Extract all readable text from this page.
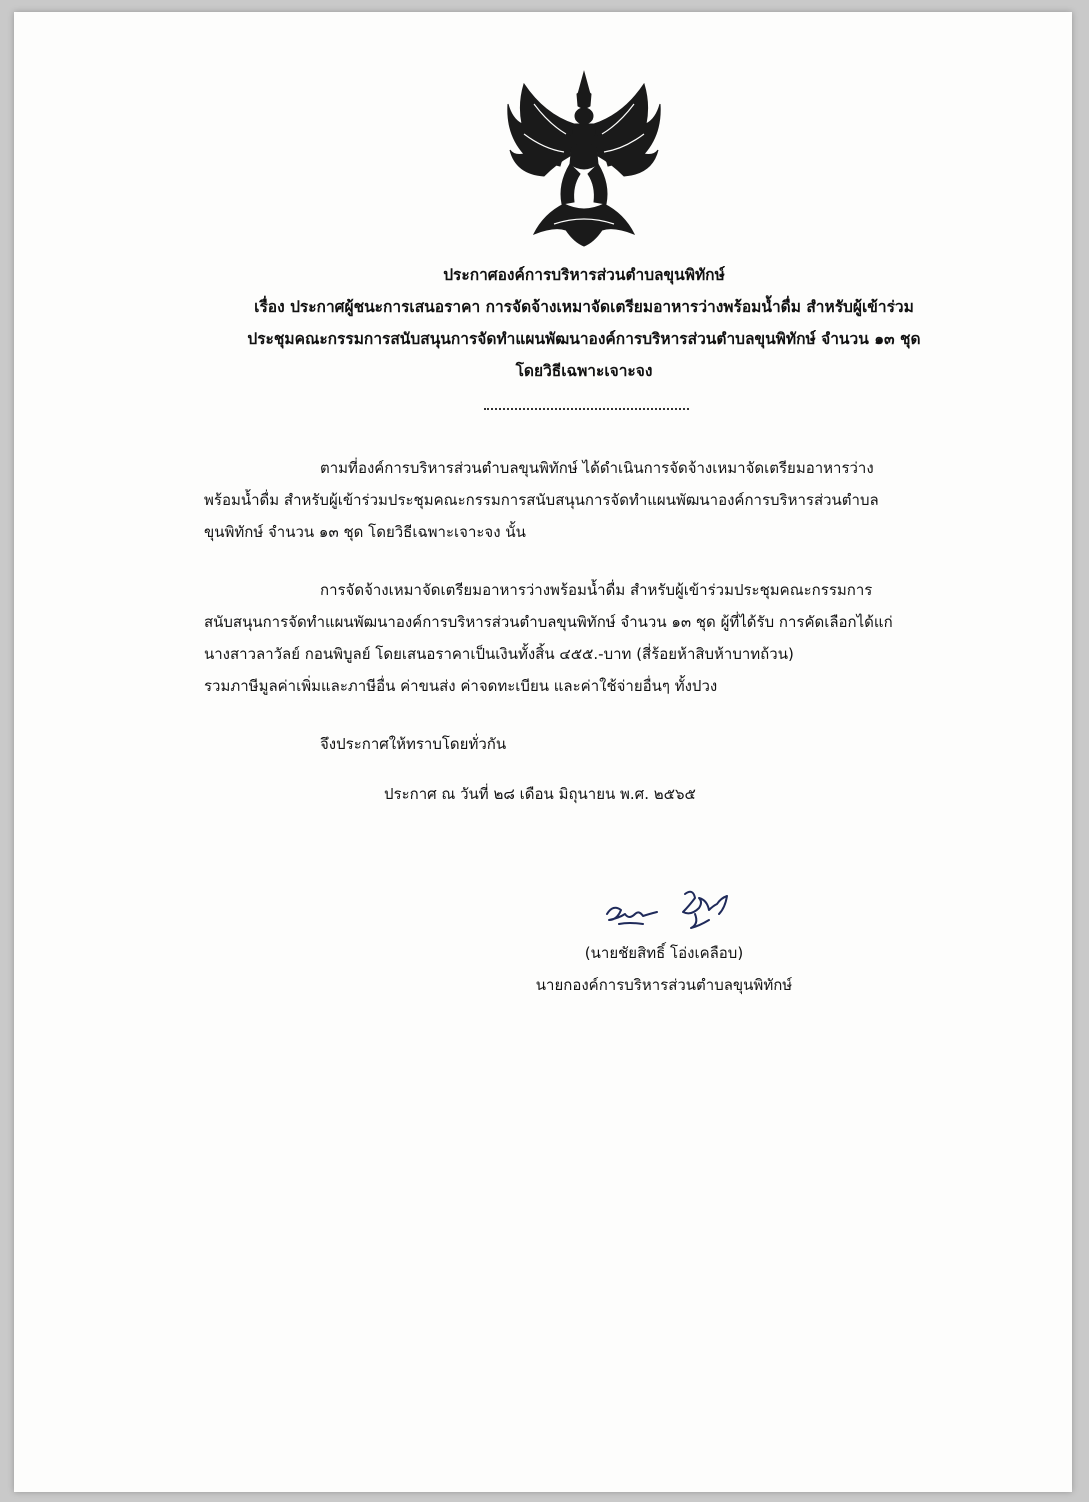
ประกาศองค์การบริหารส่วนตำบลขุนพิทักษ์
เรื่อง ประกาศผู้ชนะการเสนอราคา การจัดจ้างเหมาจัดเตรียมอาหารว่างพร้อมน้ำดื่ม สำหรับผู้เข้าร่วม
ประชุมคณะกรรมการสนับสนุนการจัดทำแผนพัฒนาองค์การบริหารส่วนตำบลขุนพิทักษ์ จำนวน ๑๓ ชุด
โดยวิธีเฉพาะเจาะจง
ตามที่องค์การบริหารส่วนตำบลขุนพิทักษ์ ได้ดำเนินการจัดจ้างเหมาจัดเตรียมอาหารว่าง
พร้อมน้ำดื่ม สำหรับผู้เข้าร่วมประชุมคณะกรรมการสนับสนุนการจัดทำแผนพัฒนาองค์การบริหารส่วนตำบล
ขุนพิทักษ์ จำนวน ๑๓ ชุด โดยวิธีเฉพาะเจาะจง นั้น
การจัดจ้างเหมาจัดเตรียมอาหารว่างพร้อมน้ำดื่ม สำหรับผู้เข้าร่วมประชุมคณะกรรมการ
สนับสนุนการจัดทำแผนพัฒนาองค์การบริหารส่วนตำบลขุนพิทักษ์ จำนวน ๑๓ ชุด ผู้ที่ได้รับ การคัดเลือกได้แก่
นางสาวลาวัลย์ กอนพิบูลย์ โดยเสนอราคาเป็นเงินทั้งสิ้น ๔๕๕.-บาท (สี่ร้อยห้าสิบห้าบาทถ้วน)
รวมภาษีมูลค่าเพิ่มและภาษีอื่น ค่าขนส่ง ค่าจดทะเบียน และค่าใช้จ่ายอื่นๆ ทั้งปวง
จึงประกาศให้ทราบโดยทั่วกัน
ประกาศ ณ วันที่ ๒๘ เดือน มิถุนายน พ.ศ. ๒๕๖๕
(นายชัยสิทธิ์ โอ่งเคลือบ)
นายกองค์การบริหารส่วนตำบลขุนพิทักษ์
